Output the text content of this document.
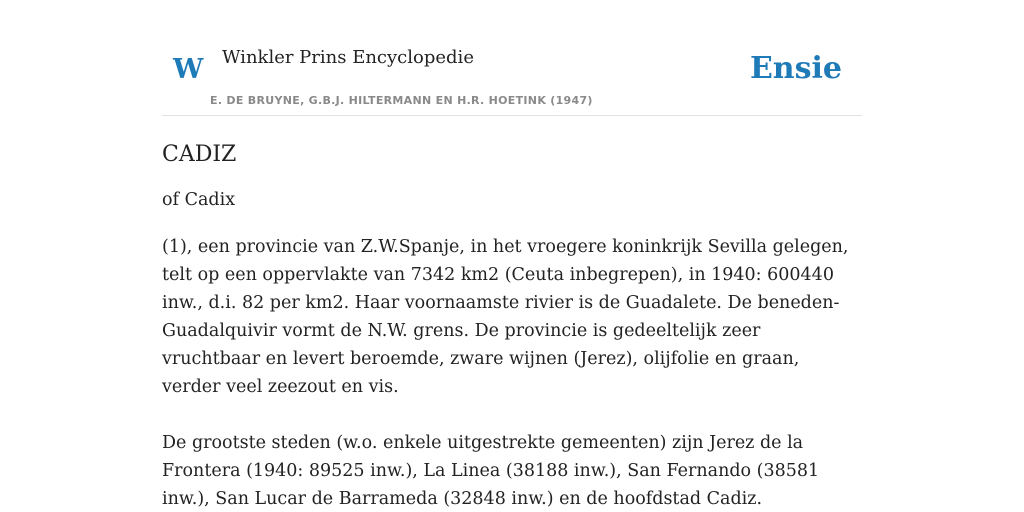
W Winkler Prins Encyclopedie
E. DE BRUYNE, G.B.J. HILTERMANN EN H.R. HOETINK (1947)
Ensie
CADIZ

of Cadix

(1), een provincie van Z.W.Spanje, in het vroegere koninkrijk Sevilla gelegen, telt op een oppervlakte van 7342 km2 (Ceuta inbegrepen), in 1940: 600440 inw., d.i. 82 per km2. Haar voornaamste rivier is de Guadalete. De beneden-Guadalquivir vormt de N.W. grens. De provincie is gedeeltelijk zeer vruchtbaar en levert beroemde, zware wijnen (Jerez), olijfolie en graan, verder veel zeezout en vis.

De grootste steden (w.o. enkele uitgestrekte gemeenten) zijn Jerez de la Frontera (1940: 89525 inw.), La Linea (38188 inw.), San Fernando (38581 inw.), San Lucar de Barrameda (32848 inw.) en de hoofdstad Cadiz.
